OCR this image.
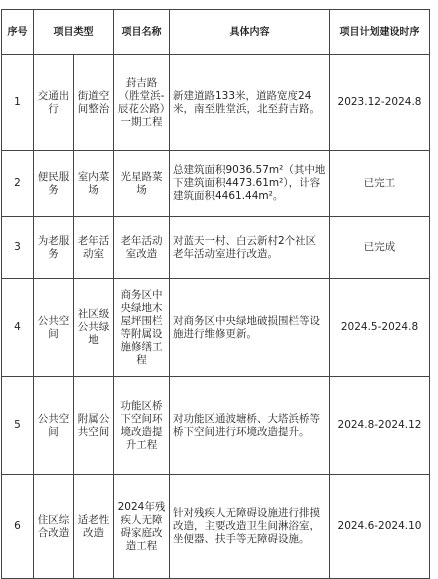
序号	项目类型		项目名称	具体内容	项目计划建设时序
1	交通出行	街道空间整治	葑吉路（胜堂浜-辰花公路）一期工程	新建道路133米，道路宽度24米，南至胜堂浜，北至葑吉路。	2023.12-2024.8
2	便民服务	室内菜场	光星路菜场	总建筑面积9036.57m²（其中地下建筑面积4473.61m²），计容建筑面积4461.44m²。	已完工
3	为老服务	老年活动室	老年活动室改造	对蓝天一村、白云新村2个社区老年活动室进行改造。	已完成
4	公共空间	社区级公共绿地	商务区中央绿地木屋坪围栏等附属设施修缮工程	对商务区中央绿地破损围栏等设施进行维修更新。	2024.5-2024.8
5	公共空间	附属公共空间	功能区桥下空间环境改造提升工程	对功能区通波塘桥、大塔浜桥等桥下空间进行环境改造提升。	2024.8-2024.12
6	住区综合改造	适老性改造	2024年残疾人无障碍家庭改造工程	针对残疾人无障碍设施进行排摸改造，主要改造卫生间淋浴室，坐便器、扶手等无障碍设施。	2024.6-2024.10
